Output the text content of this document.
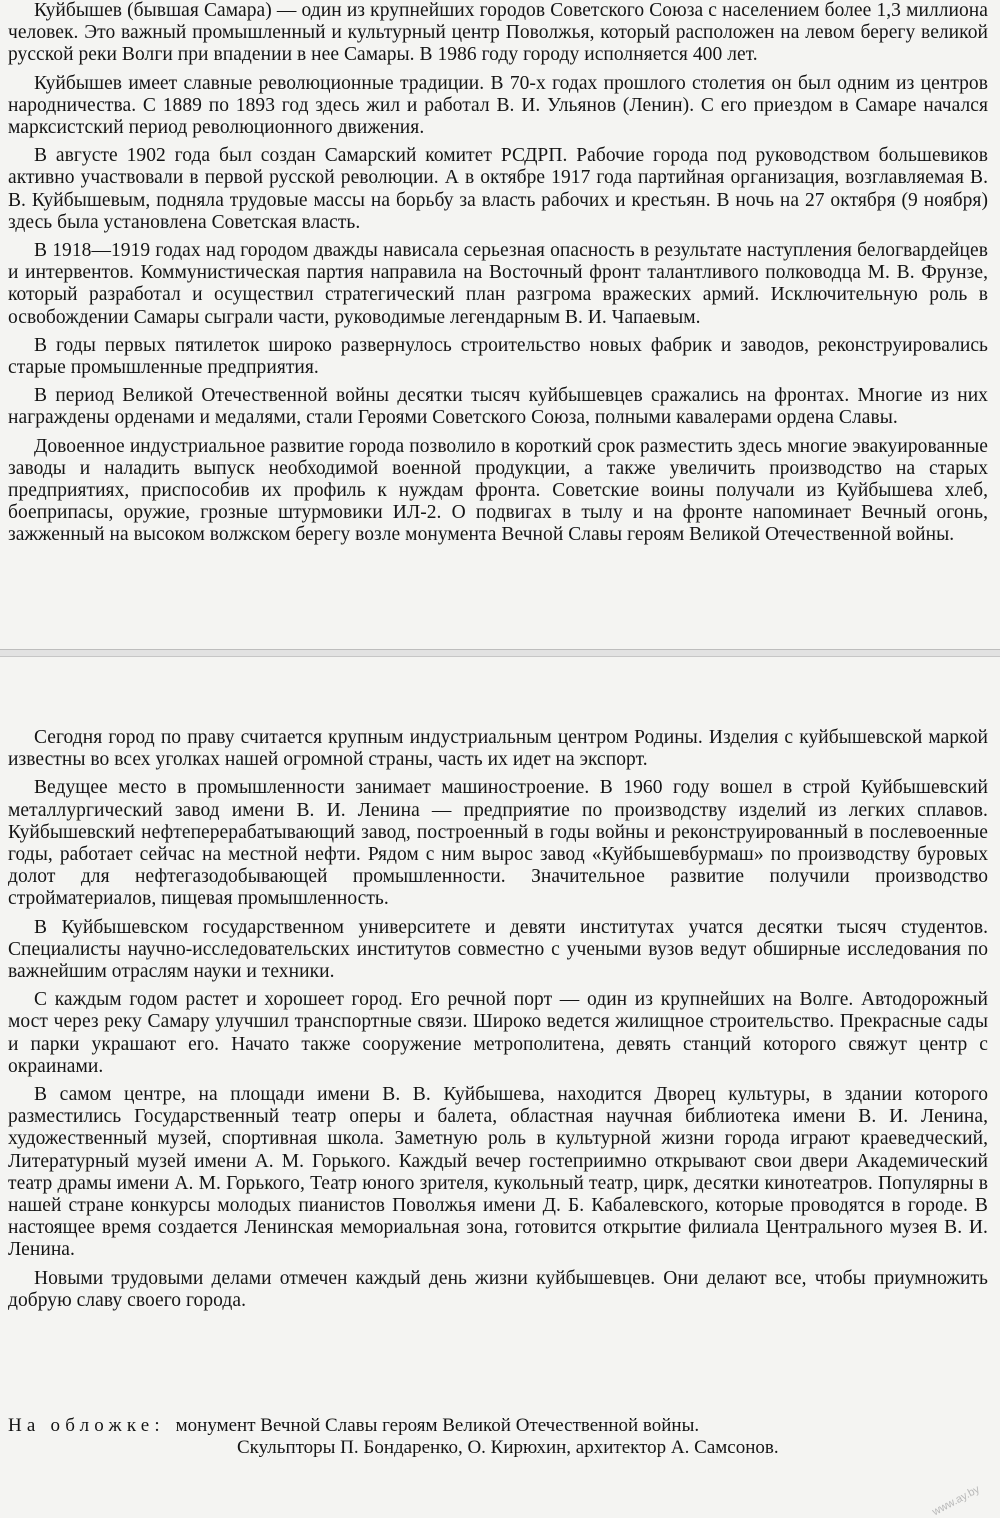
Куйбышев (бывшая Самара) — один из крупнейших городов Советского Союза с населением более 1,3 миллиона человек. Это важный промышленный и культурный центр Поволжья, который расположен на левом берегу великой русской реки Волги при впадении в нее Самары. В 1986 году городу исполняется 400 лет.

Куйбышев имеет славные революционные традиции. В 70-х годах прошлого столетия он был одним из центров народничества. С 1889 по 1893 год здесь жил и работал В. И. Ульянов (Ленин). С его приездом в Самаре начался марксистский период революционного движения.

В августе 1902 года был создан Самарский комитет РСДРП. Рабочие города под руководством большевиков активно участвовали в первой русской революции. А в октябре 1917 года партийная организация, возглавляемая В. В. Куйбышевым, подняла трудовые массы на борьбу за власть рабочих и крестьян. В ночь на 27 октября (9 ноября) здесь была установлена Советская власть.

В 1918—1919 годах над городом дважды нависала серьезная опасность в результате наступления белогвардейцев и интервентов. Коммунистическая партия направила на Восточный фронт талантливого полководца М. В. Фрунзе, который разработал и осуществил стратегический план разгрома вражеских армий. Исключительную роль в освобождении Самары сыграли части, руководимые легендарным В. И. Чапаевым.

В годы первых пятилеток широко развернулось строительство новых фабрик и заводов, реконструировались старые промышленные предприятия.

В период Великой Отечественной войны десятки тысяч куйбышевцев сражались на фронтах. Многие из них награждены орденами и медалями, стали Героями Советского Союза, полными кавалерами ордена Славы.

Довоенное индустриальное развитие города позволило в короткий срок разместить здесь многие эвакуированные заводы и наладить выпуск необходимой военной продукции, а также увеличить производство на старых предприятиях, приспособив их профиль к нуждам фронта. Советские воины получали из Куйбышева хлеб, боеприпасы, оружие, грозные штурмовики ИЛ-2. О подвигах в тылу и на фронте напоминает Вечный огонь, зажженный на высоком волжском берегу возле монумента Вечной Славы героям Великой Отечественной войны.

Сегодня город по праву считается крупным индустриальным центром Родины. Изделия с куйбышевской маркой известны во всех уголках нашей огромной страны, часть их идет на экспорт.

Ведущее место в промышленности занимает машиностроение. В 1960 году вошел в строй Куйбышевский металлургический завод имени В. И. Ленина — предприятие по производству изделий из легких сплавов. Куйбышевский нефтеперерабатывающий завод, построенный в годы войны и реконструированный в послевоенные годы, работает сейчас на местной нефти. Рядом с ним вырос завод «Куйбышевбурмаш» по производству буровых долот для нефтегазодобывающей промышленности. Значительное развитие получили производство стройматериалов, пищевая промышленность.

В Куйбышевском государственном университете и девяти институтах учатся десятки тысяч студентов. Специалисты научно-исследовательских институтов совместно с учеными вузов ведут обширные исследования по важнейшим отраслям науки и техники.

С каждым годом растет и хорошеет город. Его речной порт — один из крупнейших на Волге. Автодорожный мост через реку Самару улучшил транспортные связи. Широко ведется жилищное строительство. Прекрасные сады и парки украшают его. Начато также сооружение метрополитена, девять станций которого свяжут центр с окраинами.

В самом центре, на площади имени В. В. Куйбышева, находится Дворец культуры, в здании которого разместились Государственный театр оперы и балета, областная научная библиотека имени В. И. Ленина, художественный музей, спортивная школа. Заметную роль в культурной жизни города играют краеведческий, Литературный музей имени А. М. Горького. Каждый вечер гостеприимно открывают свои двери Академический театр драмы имени А. М. Горького, Театр юного зрителя, кукольный театр, цирк, десятки кинотеатров. Популярны в нашей стране конкурсы молодых пианистов Поволжья имени Д. Б. Кабалевского, которые проводятся в городе. В настоящее время создается Ленинская мемориальная зона, готовится открытие филиала Центрального музея В. И. Ленина.

Новыми трудовыми делами отмечен каждый день жизни куйбышевцев. Они делают все, чтобы приумножить добрую славу своего города.

На обложке: монумент Вечной Славы героям Великой Отечественной войны.
Скульпторы П. Бондаренко, О. Кирюхин, архитектор А. Самсонов.
www.ay.by
